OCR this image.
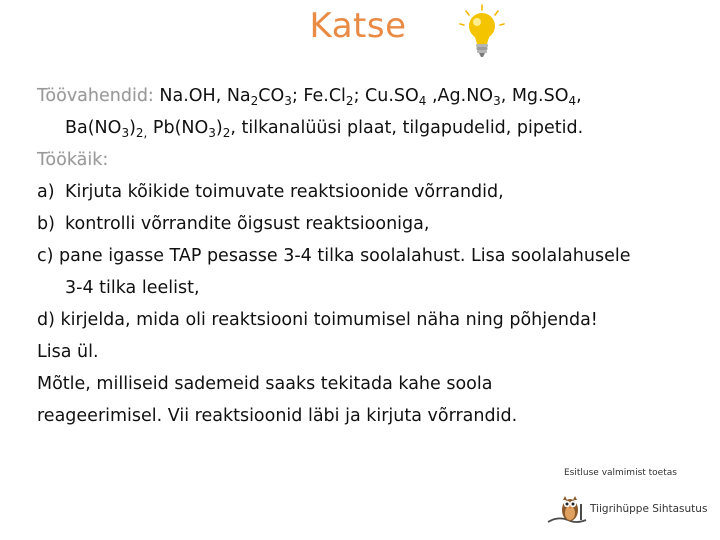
Katse
Töövahendid: Na.OH, $Na_2CO_3$; $Fe.Cl_2$; $Cu.SO_4$ $,Ag.NO_3$, $Mg.SO_4$,
$Ba(NO_3)_{2,}$ $Pb(NO_3)_2$, tilkanalüüsi plaat, tilgapudelid, pipetid.
Töökäik:
a) Kirjuta kõikide toimuvate reaktsioonide võrrandid,
b) kontrolli võrrandite õigsust reaktsiooniga,
c) pane igasse TAP pesasse 3-4 tilka soolalahust. Lisa soolalahusele
3-4 tilka leelist,
d) kirjelda, mida oli reaktsiooni toimumisel näha ning põhjenda!
Lisa ül.
Mõtle, milliseid sademeid saaks tekitada kahe soola
reageerimisel. Vii reaktsioonid läbi ja kirjuta võrrandid.
Esitluse valmimist toetas
Tiigrihüppe Sihtasutus
